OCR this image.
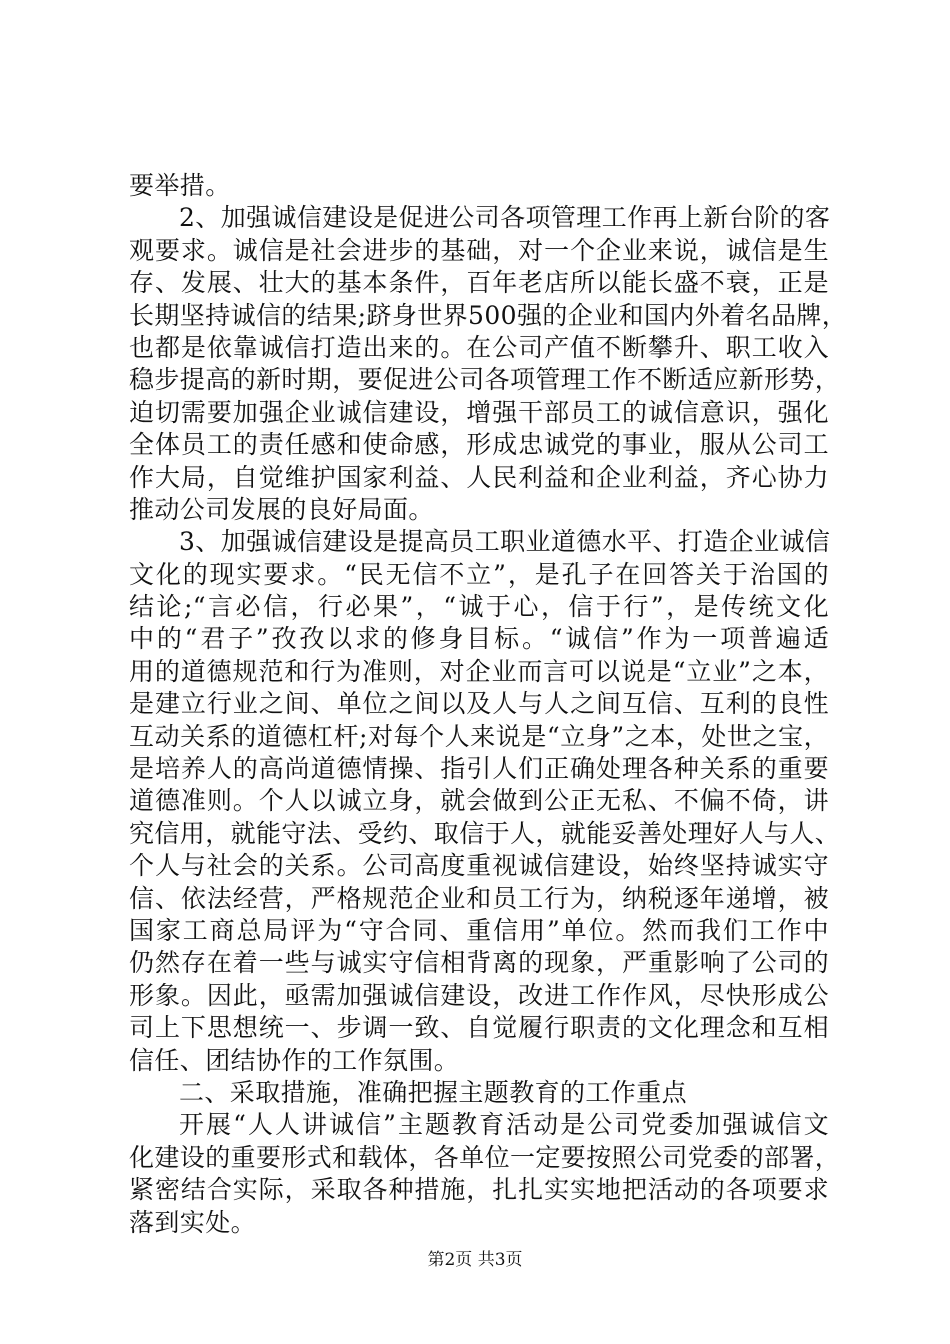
要举措。
2、加强诚信建设是促进公司各项管理工作再上新台阶的客
观要求。诚信是社会进步的基础，对一个企业来说，诚信是生
存、发展、壮大的基本条件，百年老店所以能长盛不衰，正是
长期坚持诚信的结果;跻身世界500强的企业和国内外着名品牌，
也都是依靠诚信打造出来的。在公司产值不断攀升、职工收入
稳步提高的新时期，要促进公司各项管理工作不断适应新形势，
迫切需要加强企业诚信建设，增强干部员工的诚信意识，强化
全体员工的责任感和使命感，形成忠诚党的事业，服从公司工
作大局，自觉维护国家利益、人民利益和企业利益，齐心协力
推动公司发展的良好局面。
3、加强诚信建设是提高员工职业道德水平、打造企业诚信
文化的现实要求。“民无信不立”，是孔子在回答关于治国的
结论;“言必信，行必果”，“诚于心，信于行”，是传统文化
中的“君子”孜孜以求的修身目标。“诚信”作为一项普遍适
用的道德规范和行为准则，对企业而言可以说是“立业”之本，
是建立行业之间、单位之间以及人与人之间互信、互利的良性
互动关系的道德杠杆;对每个人来说是“立身”之本，处世之宝，
是培养人的高尚道德情操、指引人们正确处理各种关系的重要
道德准则。个人以诚立身，就会做到公正无私、不偏不倚，讲
究信用，就能守法、受约、取信于人，就能妥善处理好人与人、
个人与社会的关系。公司高度重视诚信建设，始终坚持诚实守
信、依法经营，严格规范企业和员工行为，纳税逐年递增，被
国家工商总局评为“守合同、重信用”单位。然而我们工作中
仍然存在着一些与诚实守信相背离的现象，严重影响了公司的
形象。因此，亟需加强诚信建设，改进工作作风，尽快形成公
司上下思想统一、步调一致、自觉履行职责的文化理念和互相
信任、团结协作的工作氛围。
二、采取措施，准确把握主题教育的工作重点
开展“人人讲诚信”主题教育活动是公司党委加强诚信文
化建设的重要形式和载体，各单位一定要按照公司党委的部署，
紧密结合实际，采取各种措施，扎扎实实地把活动的各项要求
落到实处。
第2页 共3页
